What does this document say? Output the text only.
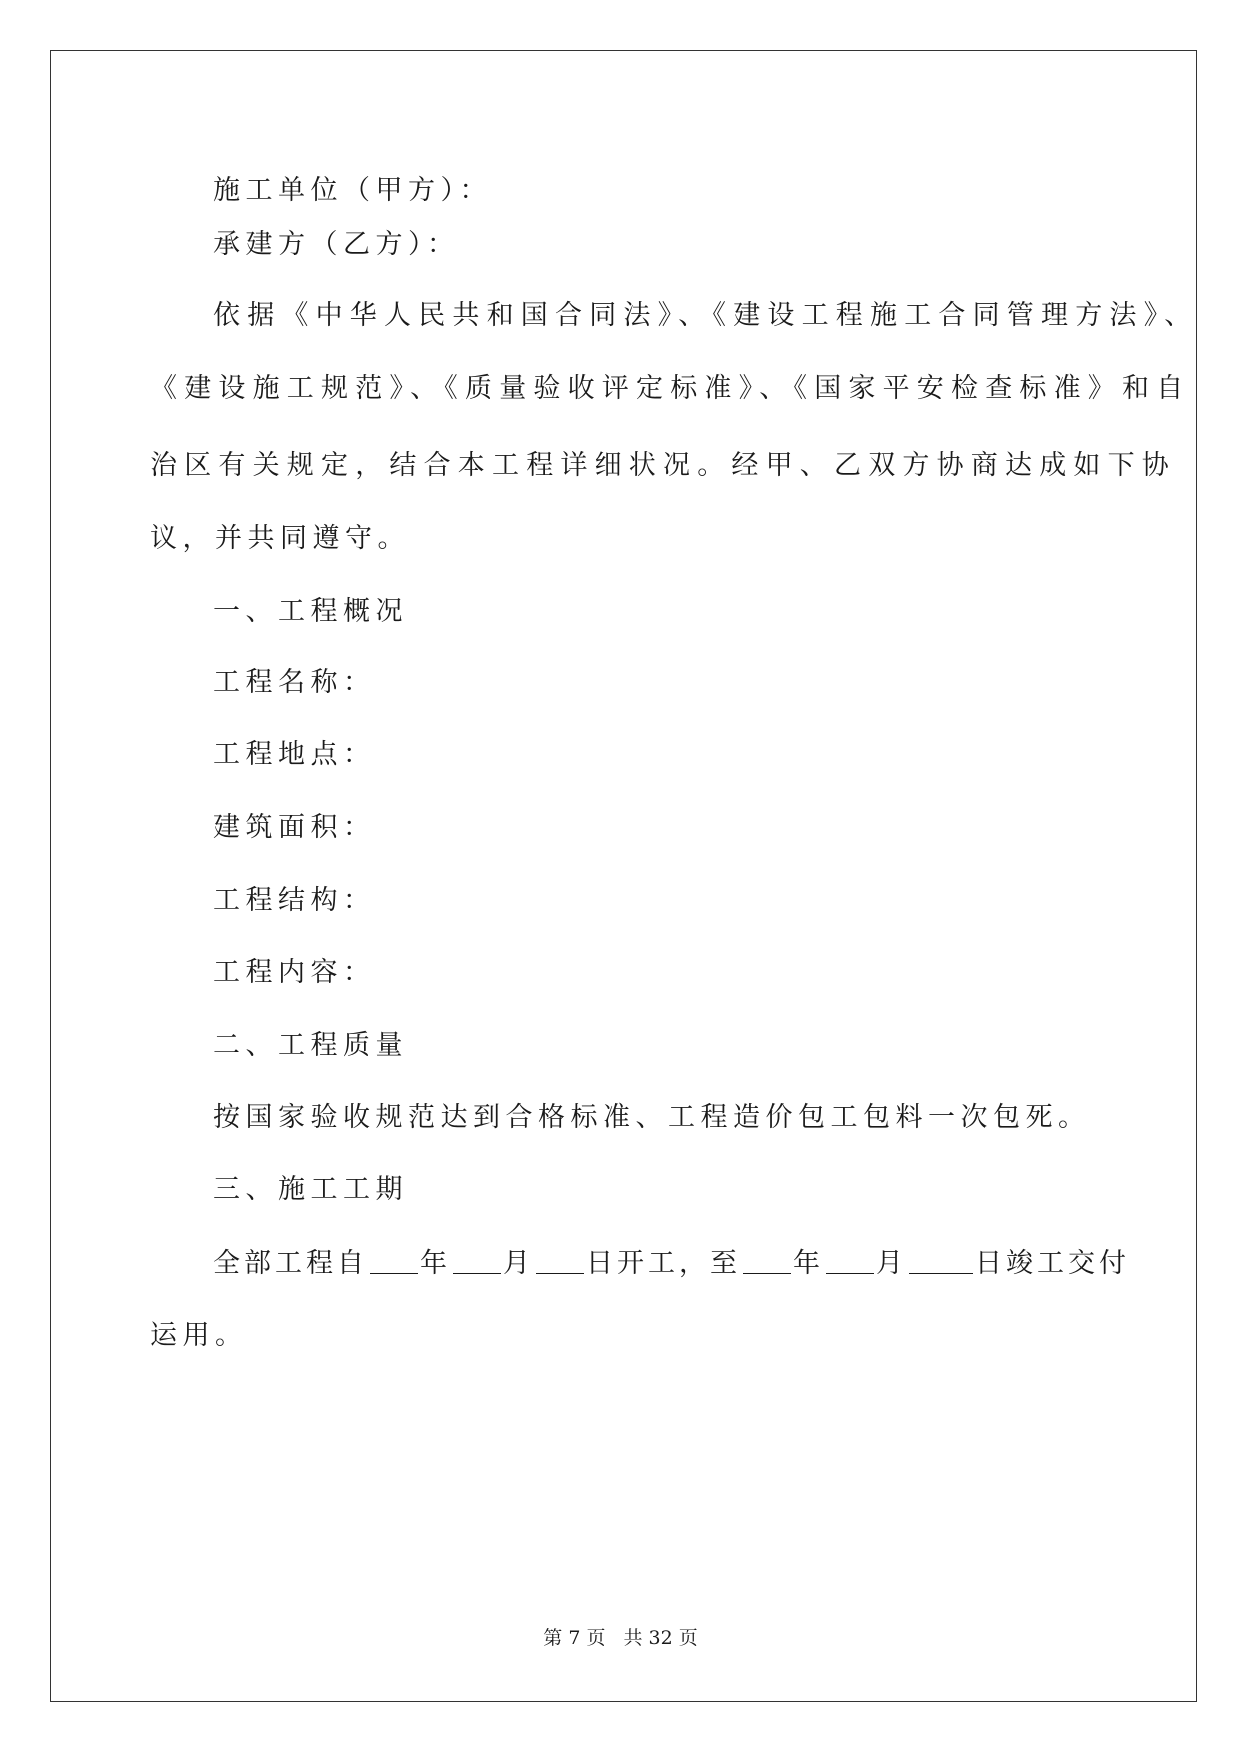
施工单位（甲方）：
承建方（乙方）：
依据《中华人民共和国合同法》、《建设工程施工合同管理方法》、
《建设施工规范》、《质量验收评定标准》、《国家平安检查标准》和自
治区有关规定，结合本工程详细状况。经甲、乙双方协商达成如下协
议，并共同遵守。
一、工程概况
工程名称：
工程地点：
建筑面积：
工程结构：
工程内容：
二、工程质量
按国家验收规范达到合格标准、工程造价包工包料一次包死。
三、施工工期
全部工程自 年 月 日开工，至 年 月	日竣工交付
运用。
第 7 页 共 32 页
